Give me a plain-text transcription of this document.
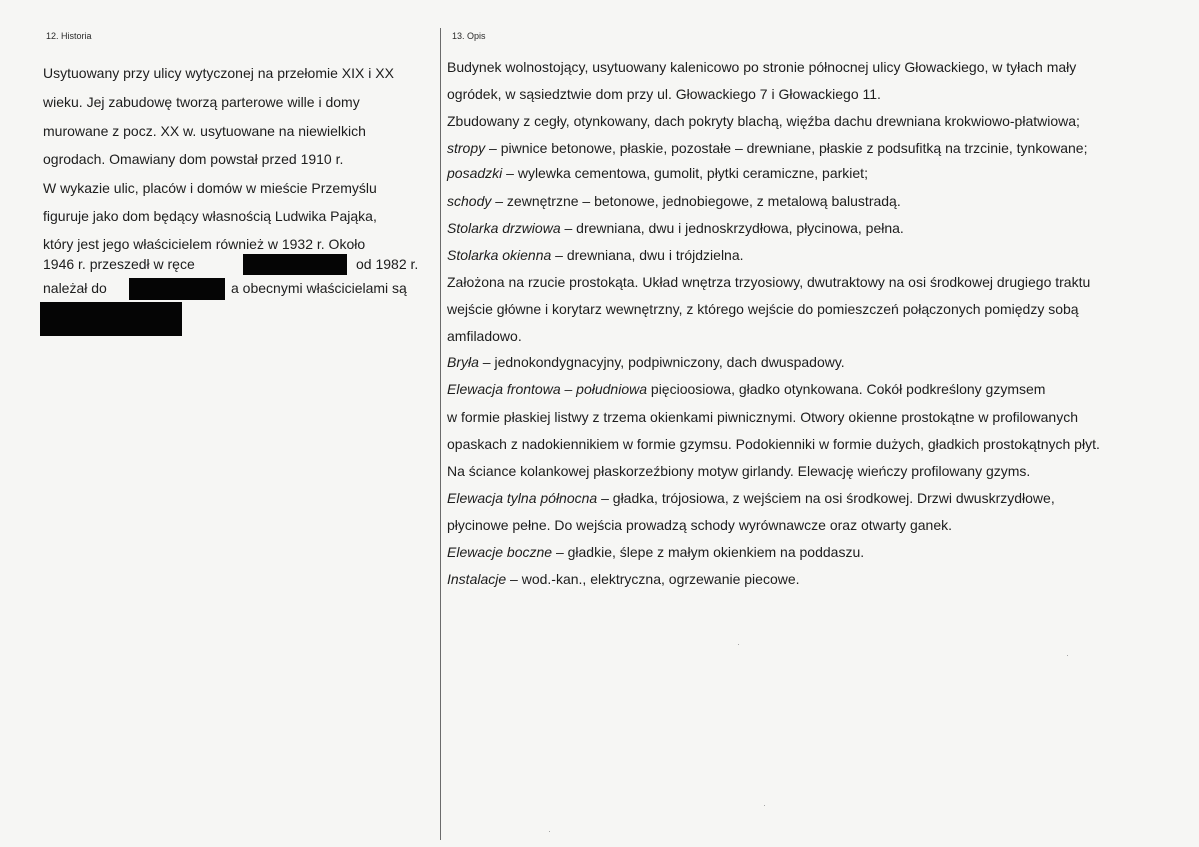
12. Historia	13. Opis
Usytuowany przy ulicy wytyczonej na przełomie XIX i XX
wieku. Jej zabudowę tworzą parterowe wille i domy
murowane z pocz. XX w. usytuowane na niewielkich
ogrodach. Omawiany dom powstał przed 1910 r.
W wykazie ulic, placów i domów w mieście Przemyślu
figuruje jako dom będący własnością Ludwika Pająka,
który jest jego właścicielem również w 1932 r. Około
1946 r. przeszedł w ręce	od 1982 r.
należał do	a obecnymi właścicielami są
Budynek wolnostojący, usytuowany kalenicowo po stronie północnej ulicy Głowackiego, w tyłach mały
ogródek, w sąsiedztwie dom przy ul. Głowackiego 7 i Głowackiego 11.
Zbudowany z cegły, otynkowany, dach pokryty blachą, więźba dachu drewniana krokwiowo-płatwiowa;
stropy – piwnice betonowe, płaskie, pozostałe – drewniane, płaskie z podsufitką na trzcinie, tynkowane;
posadzki – wylewka cementowa, gumolit, płytki ceramiczne, parkiet;
schody – zewnętrzne – betonowe, jednobiegowe, z metalową balustradą.
Stolarka drzwiowa – drewniana, dwu i jednoskrzydłowa, płycinowa, pełna.
Stolarka okienna – drewniana, dwu i trójdzielna.
Założona na rzucie prostokąta. Układ wnętrza trzyosiowy, dwutraktowy na osi środkowej drugiego traktu
wejście główne i korytarz wewnętrzny, z którego wejście do pomieszczeń połączonych pomiędzy sobą
amfiladowo.
Bryła – jednokondygnacyjny, podpiwniczony, dach dwuspadowy.
Elewacja frontowa – południowa pięcioosiowa, gładko otynkowana. Cokół podkreślony gzymsem
w formie płaskiej listwy z trzema okienkami piwnicznymi. Otwory okienne prostokątne w profilowanych
opaskach z nadokiennikiem w formie gzymsu. Podokienniki w formie dużych, gładkich prostokątnych płyt.
Na ściance kolankowej płaskorzeźbiony motyw girlandy. Elewację wieńczy profilowany gzyms.
Elewacja tylna północna – gładka, trójosiowa, z wejściem na osi środkowej. Drzwi dwuskrzydłowe,
płycinowe pełne. Do wejścia prowadzą schody wyrównawcze oraz otwarty ganek.
Elewacje boczne – gładkie, ślepe z małym okienkiem na poddaszu.
Instalacje – wod.-kan., elektryczna, ogrzewanie piecowe.
·
·
·
·
